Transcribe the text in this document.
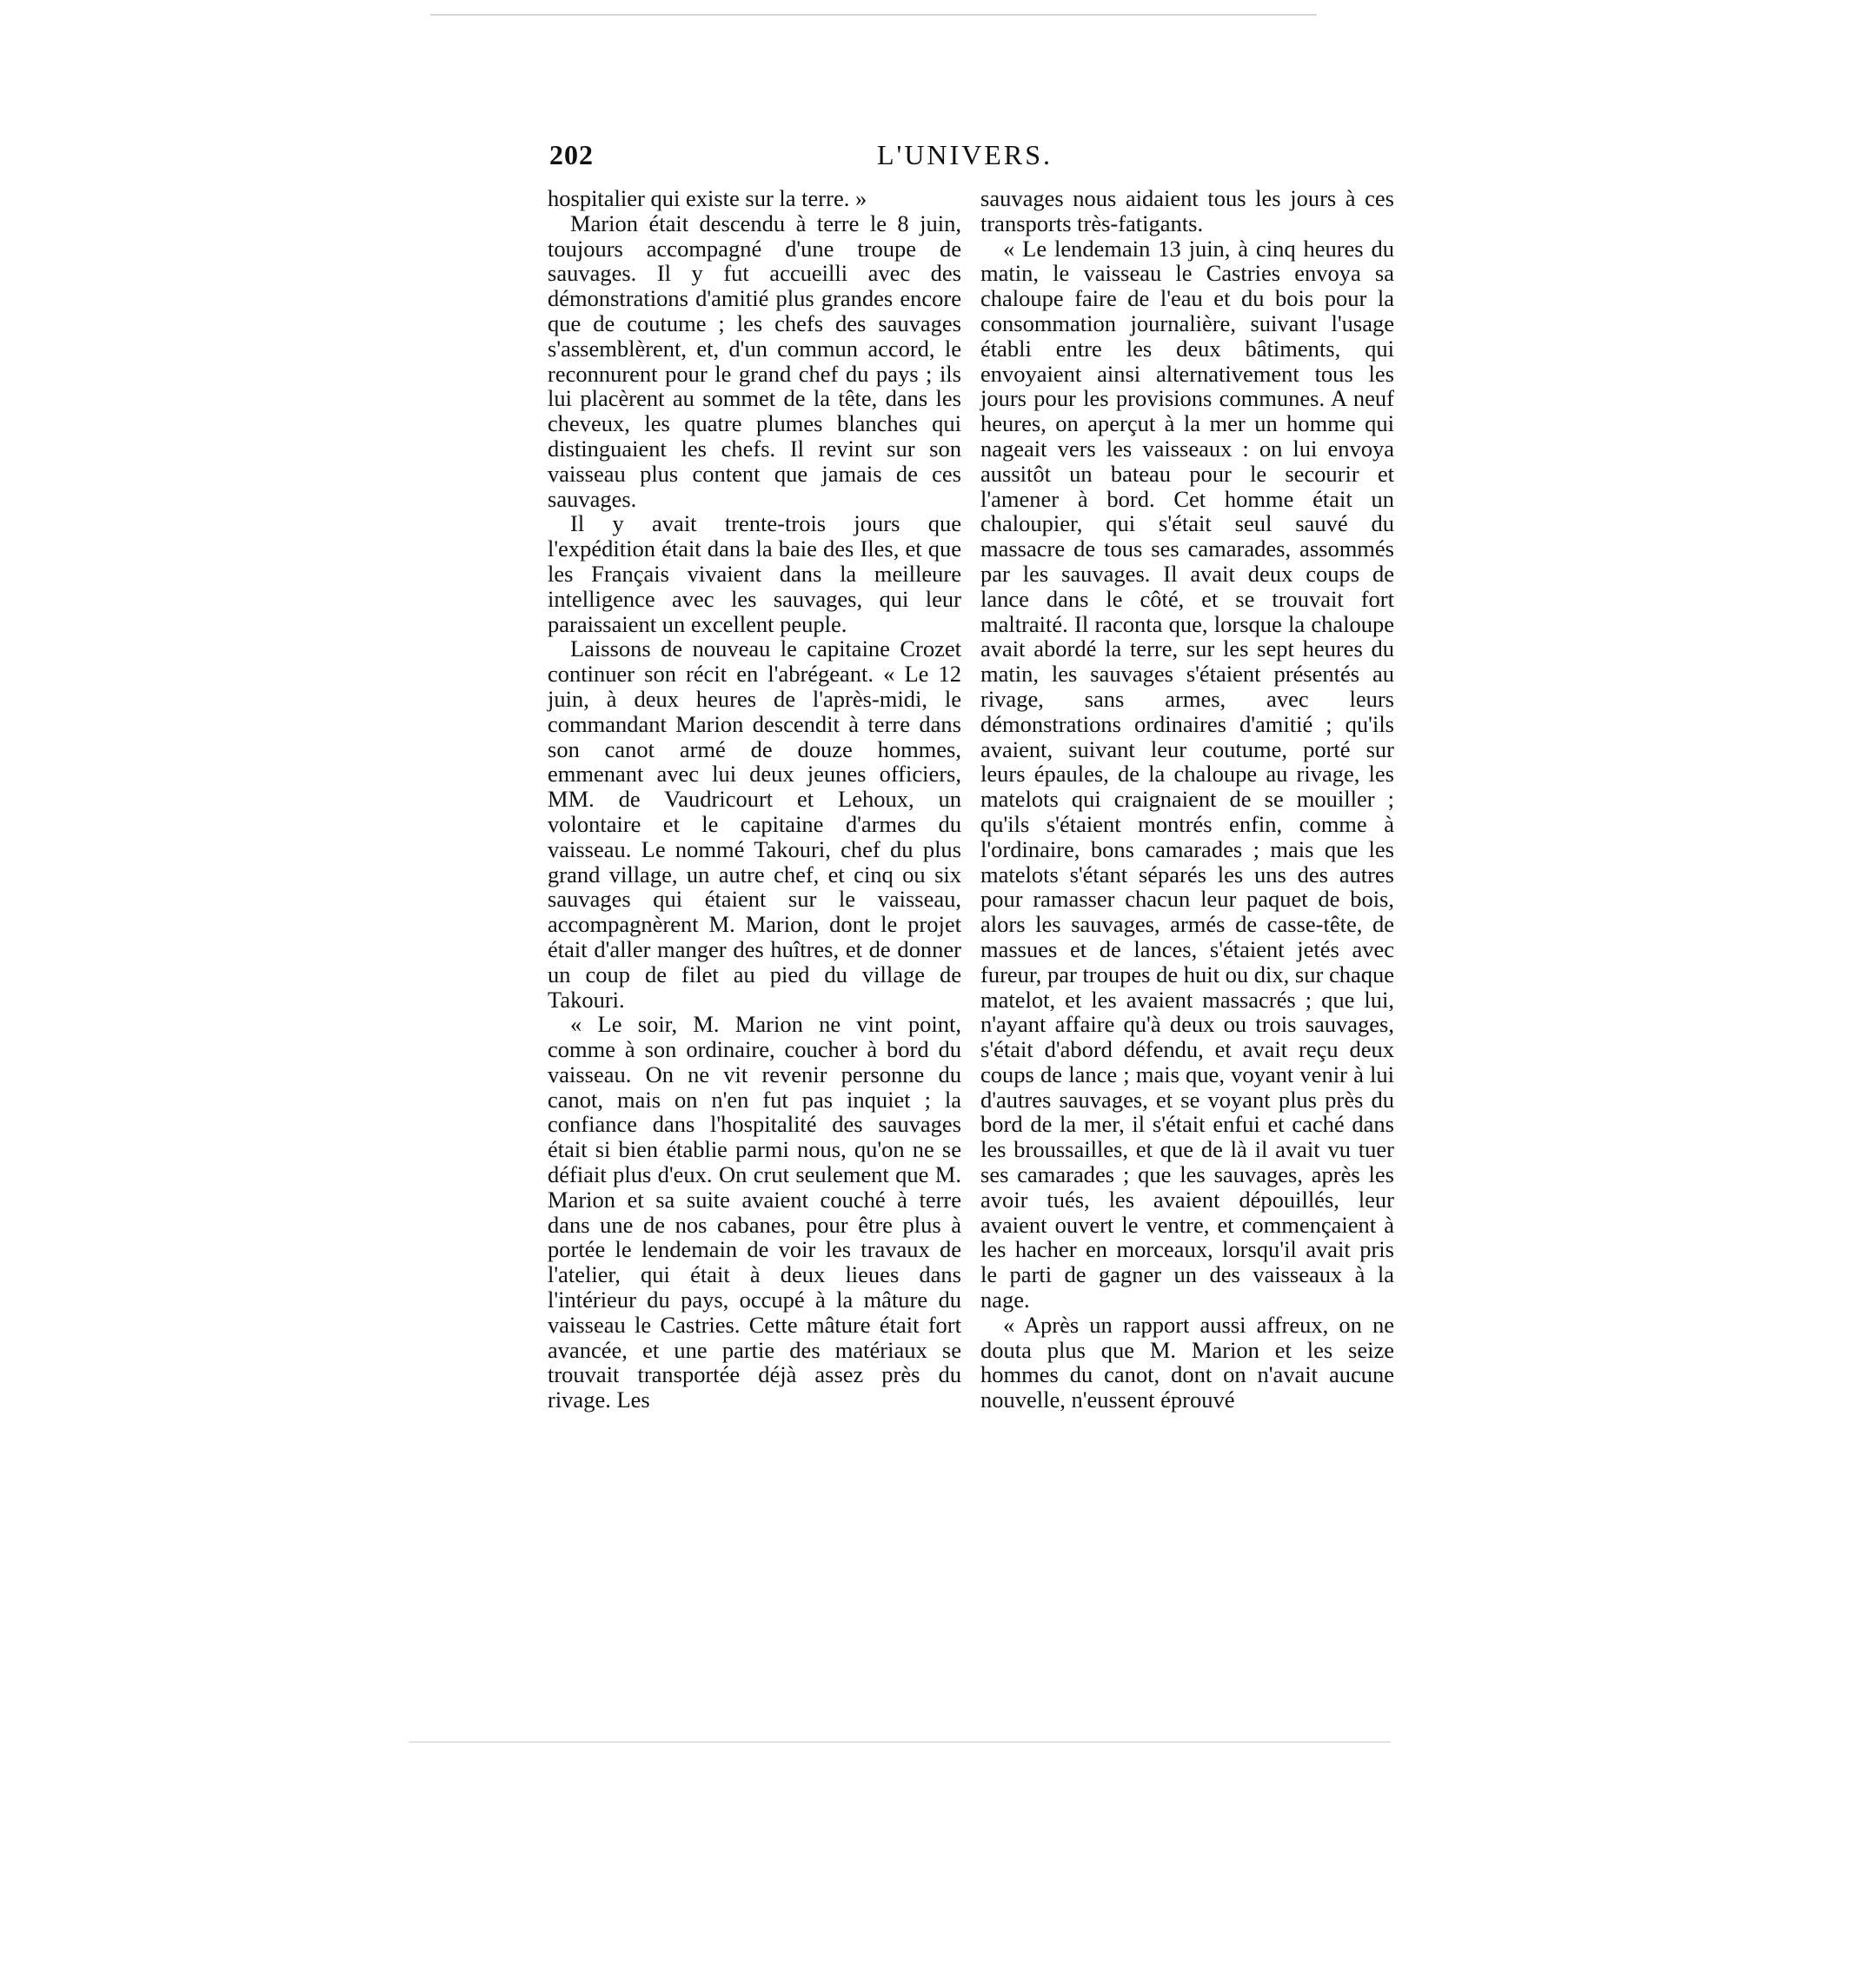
202	L'UNIVERS.

hospitalier qui existe sur la terre. »

Marion était descendu à terre le 8 juin, toujours accompagné d'une troupe de sauvages. Il y fut accueilli avec des démonstrations d'amitié plus grandes encore que de coutume ; les chefs des sauvages s'assemblèrent, et, d'un commun accord, le reconnurent pour le grand chef du pays ; ils lui placèrent au sommet de la tête, dans les cheveux, les quatre plumes blanches qui distinguaient les chefs. Il revint sur son vaisseau plus content que jamais de ces sauvages.

Il y avait trente-trois jours que l'expédition était dans la baie des Iles, et que les Français vivaient dans la meilleure intelligence avec les sauvages, qui leur paraissaient un excellent peuple.

Laissons de nouveau le capitaine Crozet continuer son récit en l'abrégeant. « Le 12 juin, à deux heures de l'après-midi, le commandant Marion descendit à terre dans son canot armé de douze hommes, emmenant avec lui deux jeunes officiers, MM. de Vaudricourt et Lehoux, un volontaire et le capitaine d'armes du vaisseau. Le nommé Takouri, chef du plus grand village, un autre chef, et cinq ou six sauvages qui étaient sur le vaisseau, accompagnèrent M. Marion, dont le projet était d'aller manger des huîtres, et de donner un coup de filet au pied du village de Takouri.

« Le soir, M. Marion ne vint point, comme à son ordinaire, coucher à bord du vaisseau. On ne vit revenir personne du canot, mais on n'en fut pas inquiet ; la confiance dans l'hospitalité des sauvages était si bien établie parmi nous, qu'on ne se défiait plus d'eux. On crut seulement que M. Marion et sa suite avaient couché à terre dans une de nos cabanes, pour être plus à portée le lendemain de voir les travaux de l'atelier, qui était à deux lieues dans l'intérieur du pays, occupé à la mâture du vaisseau le Castries. Cette mâture était fort avancée, et une partie des matériaux se trouvait transportée déjà assez près du rivage. Les

sauvages nous aidaient tous les jours à ces transports très-fatigants.

« Le lendemain 13 juin, à cinq heures du matin, le vaisseau le Castries envoya sa chaloupe faire de l'eau et du bois pour la consommation journalière, suivant l'usage établi entre les deux bâtiments, qui envoyaient ainsi alternativement tous les jours pour les provisions communes. A neuf heures, on aperçut à la mer un homme qui nageait vers les vaisseaux : on lui envoya aussitôt un bateau pour le secourir et l'amener à bord. Cet homme était un chaloupier, qui s'était seul sauvé du massacre de tous ses camarades, assommés par les sauvages. Il avait deux coups de lance dans le côté, et se trouvait fort maltraité. Il raconta que, lorsque la chaloupe avait abordé la terre, sur les sept heures du matin, les sauvages s'étaient présentés au rivage, sans armes, avec leurs démonstrations ordinaires d'amitié ; qu'ils avaient, suivant leur coutume, porté sur leurs épaules, de la chaloupe au rivage, les matelots qui craignaient de se mouiller ; qu'ils s'étaient montrés enfin, comme à l'ordinaire, bons camarades ; mais que les matelots s'étant séparés les uns des autres pour ramasser chacun leur paquet de bois, alors les sauvages, armés de casse-tête, de massues et de lances, s'étaient jetés avec fureur, par troupes de huit ou dix, sur chaque matelot, et les avaient massacrés ; que lui, n'ayant affaire qu'à deux ou trois sauvages, s'était d'abord défendu, et avait reçu deux coups de lance ; mais que, voyant venir à lui d'autres sauvages, et se voyant plus près du bord de la mer, il s'était enfui et caché dans les broussailles, et que de là il avait vu tuer ses camarades ; que les sauvages, après les avoir tués, les avaient dépouillés, leur avaient ouvert le ventre, et commençaient à les hacher en morceaux, lorsqu'il avait pris le parti de gagner un des vaisseaux à la nage.

« Après un rapport aussi affreux, on ne douta plus que M. Marion et les seize hommes du canot, dont on n'avait aucune nouvelle, n'eussent éprouvé
